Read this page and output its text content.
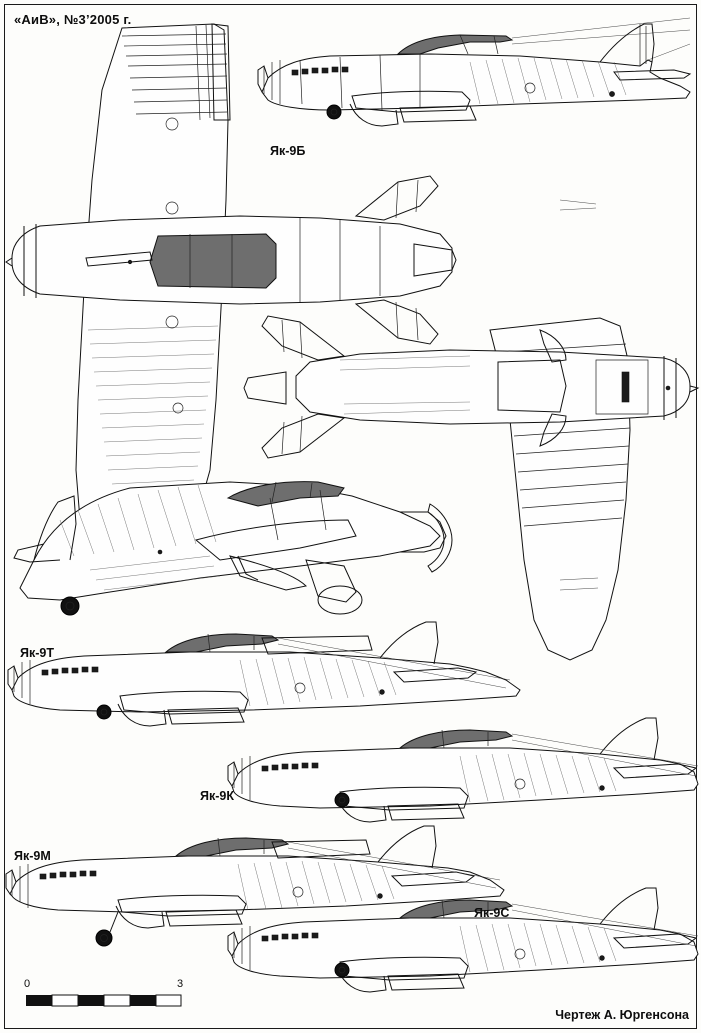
«АиВ», №3’2005 г.
Як-9Б
Як-9Т
Як-9К
Як-9М
Як-9С
0	3
Чертеж А. Юргенсона
